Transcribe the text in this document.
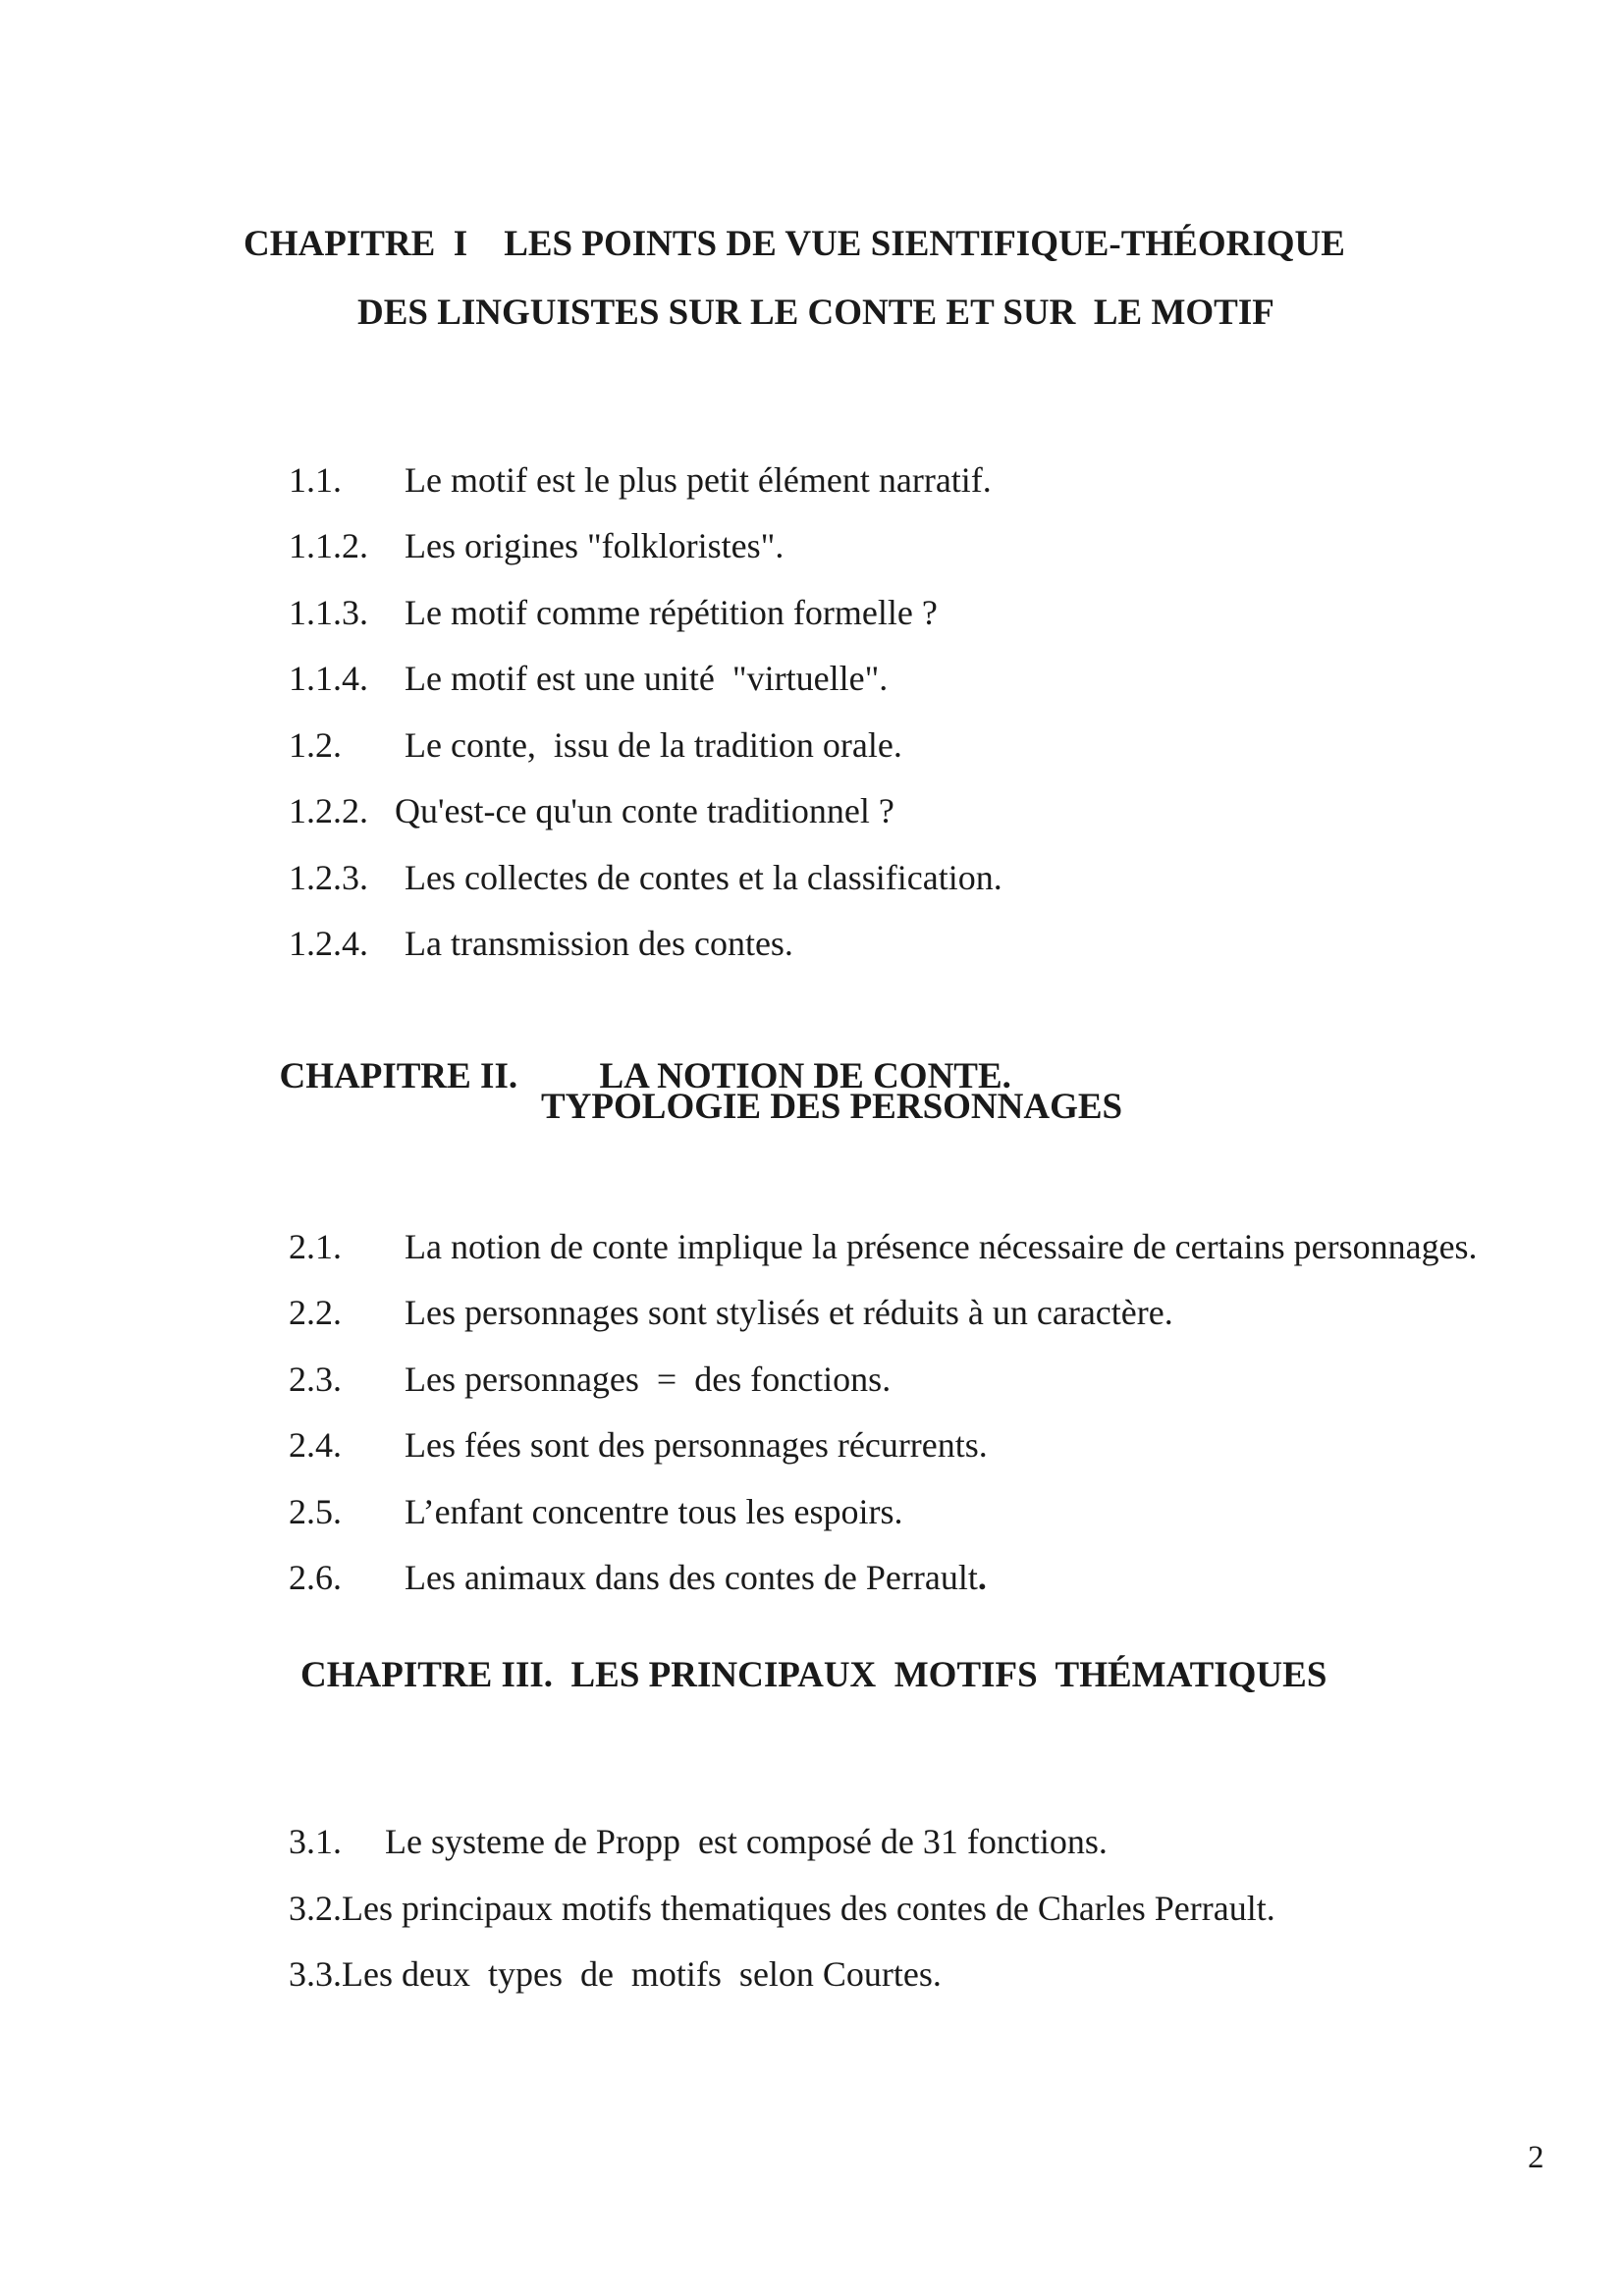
CHAPITRE  I    LES POINTS DE VUE SIENTIFIQUE-THÉORIQUE
DES LINGUISTES SUR LE CONTE ET SUR  LE MOTIF

1.1. Le motif est le plus petit élément narratif.

1.1.2. Les origines "folkloristes".

1.1.3. Le motif comme répétition formelle ?

1.1.4. Le motif est une unité  "virtuelle".

1.2. Le conte,  issu de la tradition orale.

1.2.2. Qu'est-ce qu'un conte traditionnel ?

1.2.3. Les collectes de contes et la classification.

1.2.4. La transmission des contes.

CHAPITRE II. LA NOTION DE CONTE.

TYPOLOGIE DES PERSONNAGES

2.1. La notion de conte implique la présence nécessaire de certains personnages.

2.2. Les personnages sont stylisés et réduits à un caractère.

2.3. Les personnages  =  des fonctions.

2.4. Les fées sont des personnages récurrents.

2.5. L’enfant concentre tous les espoirs.

2.6. Les animaux dans des contes de Perrault.

CHAPITRE III.  LES PRINCIPAUX  MOTIFS  THÉMATIQUES

3.1. Le systeme de Propp  est composé de 31 fonctions.

3.2.Les principaux motifs thematiques des contes de Charles Perrault.

3.3.Les deux  types  de  motifs  selon Courtes.

2
